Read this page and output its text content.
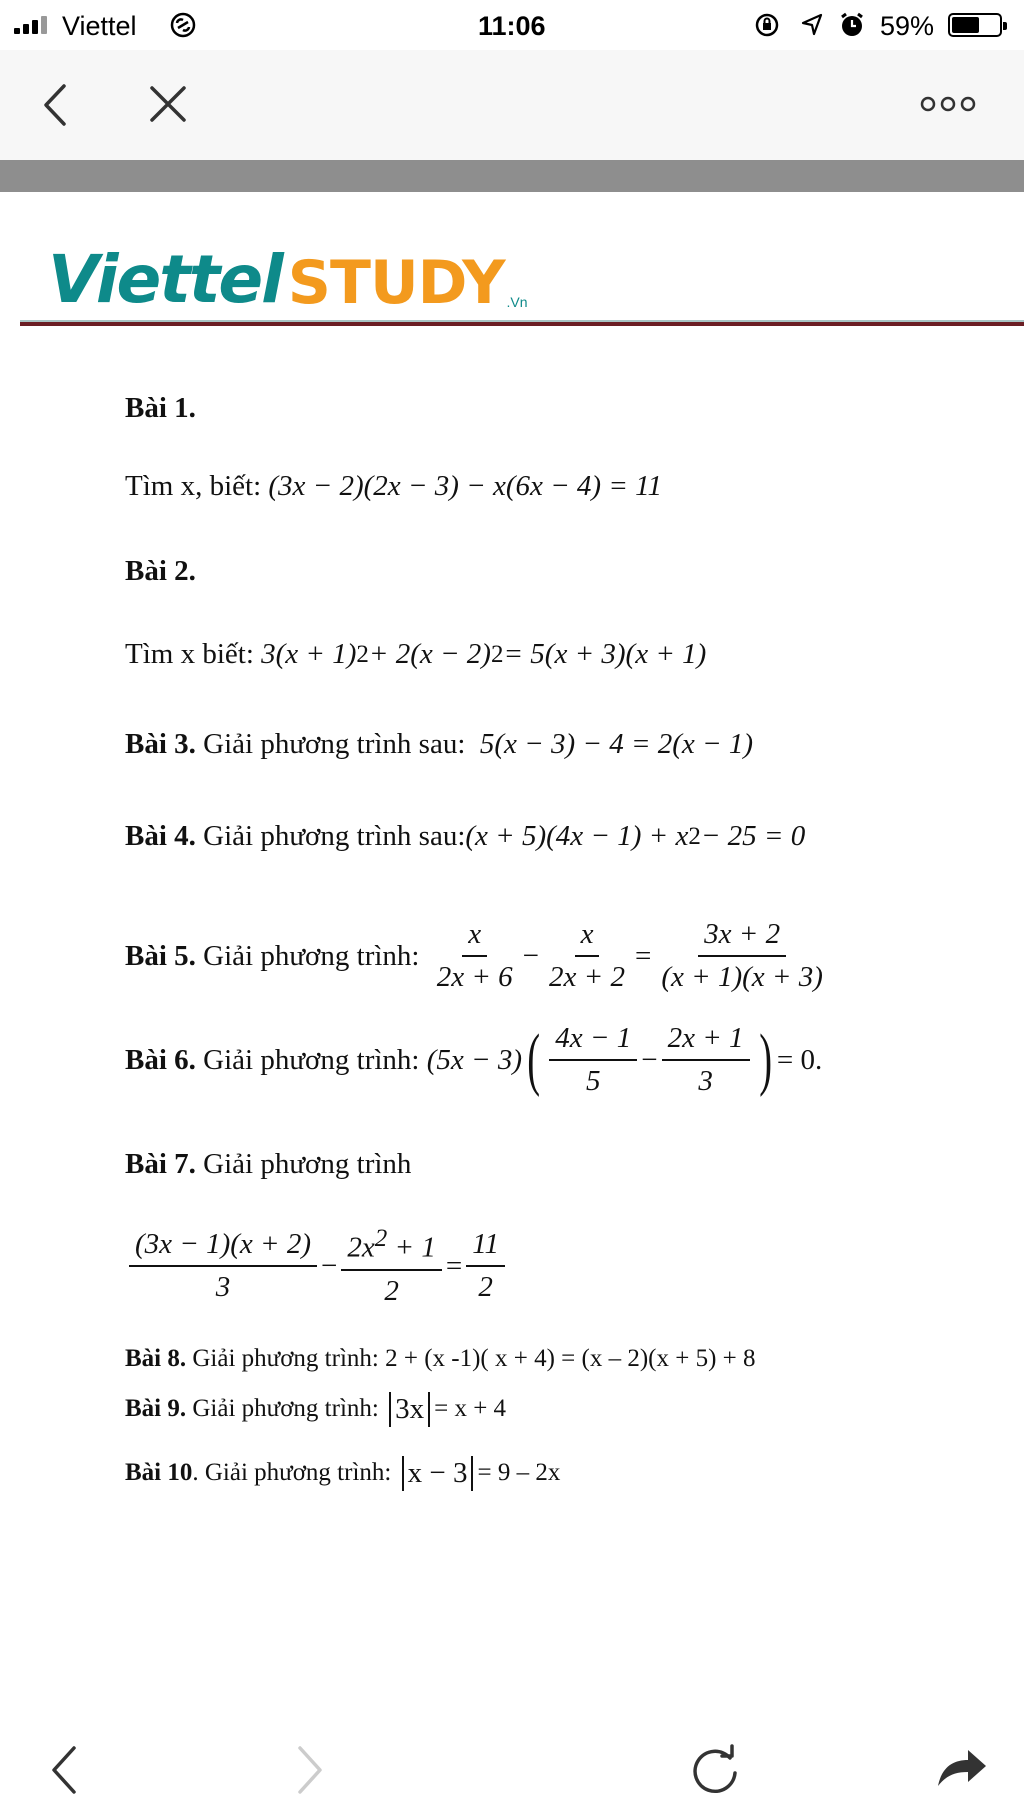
Viettel	11:06	59%
Viettel STUDY .Vn
Bài 1.
Tìm x, biết:
(3x − 2)(2x − 3) − x(6x − 4) = 11
Bài 2.
Tìm x biết:
3(x + 1) 2 + 2(x − 2) 2 = 5(x + 3)(x + 1)
Bài 3.
Giải phương trình sau:
5(x − 3) − 4 = 2(x − 1)
Bài 4.
Giải phương trình sau: (x + 5)(4x − 1) + x 2 − 25 = 0
Bài 5.
Giải phương trình:
$\frac{x}{2x + 6} - \frac{x}{2x + 2} = \frac{3x + 2}{(x + 1)(x + 3)}$
Bài 6.
Giải phương trình:
(5x − 3) ( $\frac{4x - 1}{5} - \frac{2x + 1}{3}$ ) = 0.
Bài 7.
Giải phương trình
$\frac{(3x - 1)(x + 2)}{3} - \frac{2x^2 + 1}{2} = \frac{11}{2}$
Bài 8.
Giải phương trình:
2 + (x -1)( x + 4) = (x – 2)(x + 5) + 8
Bài 9.
Giải phương trình:
3x = x + 4
Bài 10 .
Giải phương trình:
x − 3 = 9 – 2x
